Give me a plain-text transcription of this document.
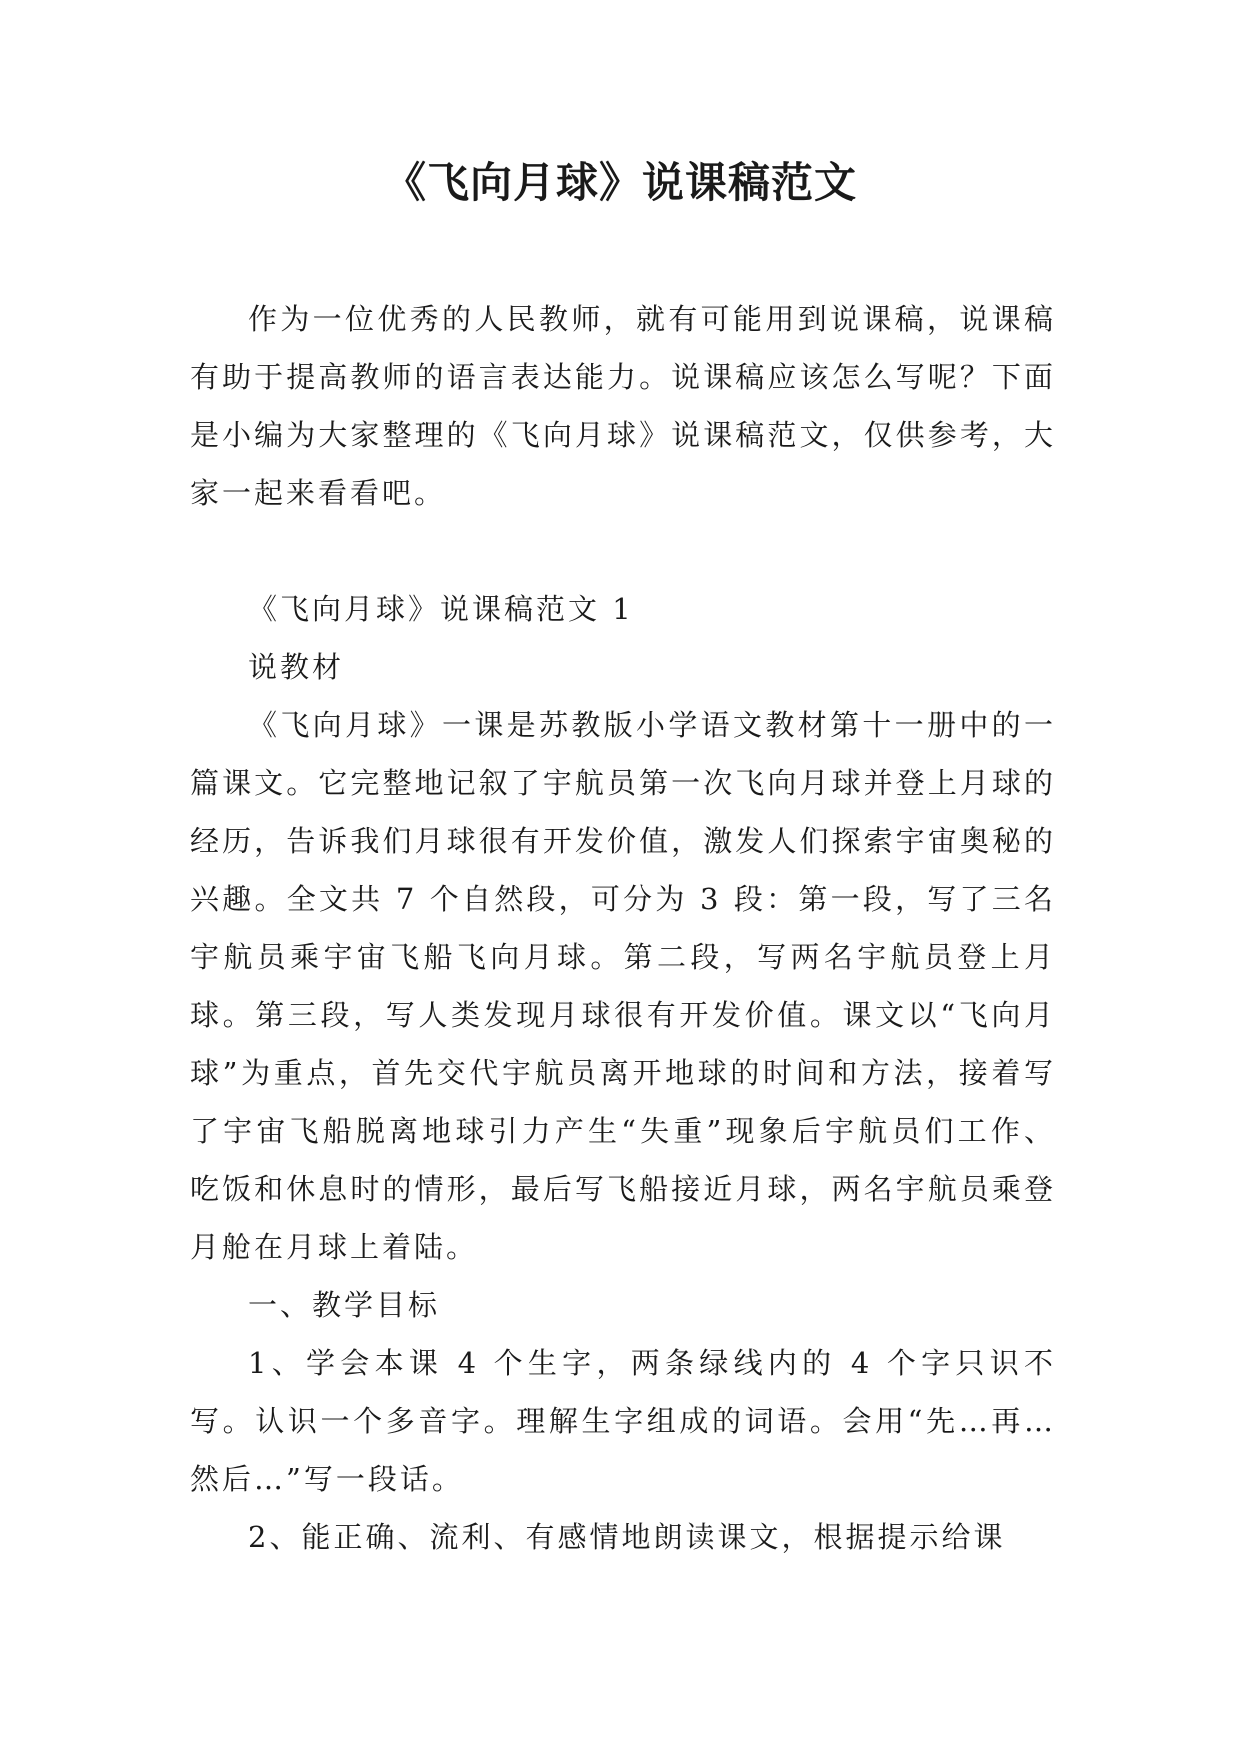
《飞向月球》说课稿范文

作为一位优秀的人民教师，就有可能用到说课稿，说课稿有助于提高教师的语言表达能力。说课稿应该怎么写呢？下面是小编为大家整理的《飞向月球》说课稿范文，仅供参考，大家一起来看看吧。

《飞向月球》说课稿范文 1

说教材

《飞向月球》一课是苏教版小学语文教材第十一册中的一篇课文。它完整地记叙了宇航员第一次飞向月球并登上月球的经历，告诉我们月球很有开发价值，激发人们探索宇宙奥秘的兴趣。全文共 7 个自然段，可分为 3 段：第一段，写了三名宇航员乘宇宙飞船飞向月球。第二段，写两名宇航员登上月球。第三段，写人类发现月球很有开发价值。课文以“飞向月球”为重点，首先交代宇航员离开地球的时间和方法，接着写了宇宙飞船脱离地球引力产生“失重”现象后宇航员们工作、吃饭和休息时的情形，最后写飞船接近月球，两名宇航员乘登月舱在月球上着陆。

一、教学目标

1、学会本课 4 个生字，两条绿线内的 4 个字只识不写。认识一个多音字。理解生字组成的词语。会用“先…再…然后…”写一段话。

2、能正确、流利、有感情地朗读课文，根据提示给课
